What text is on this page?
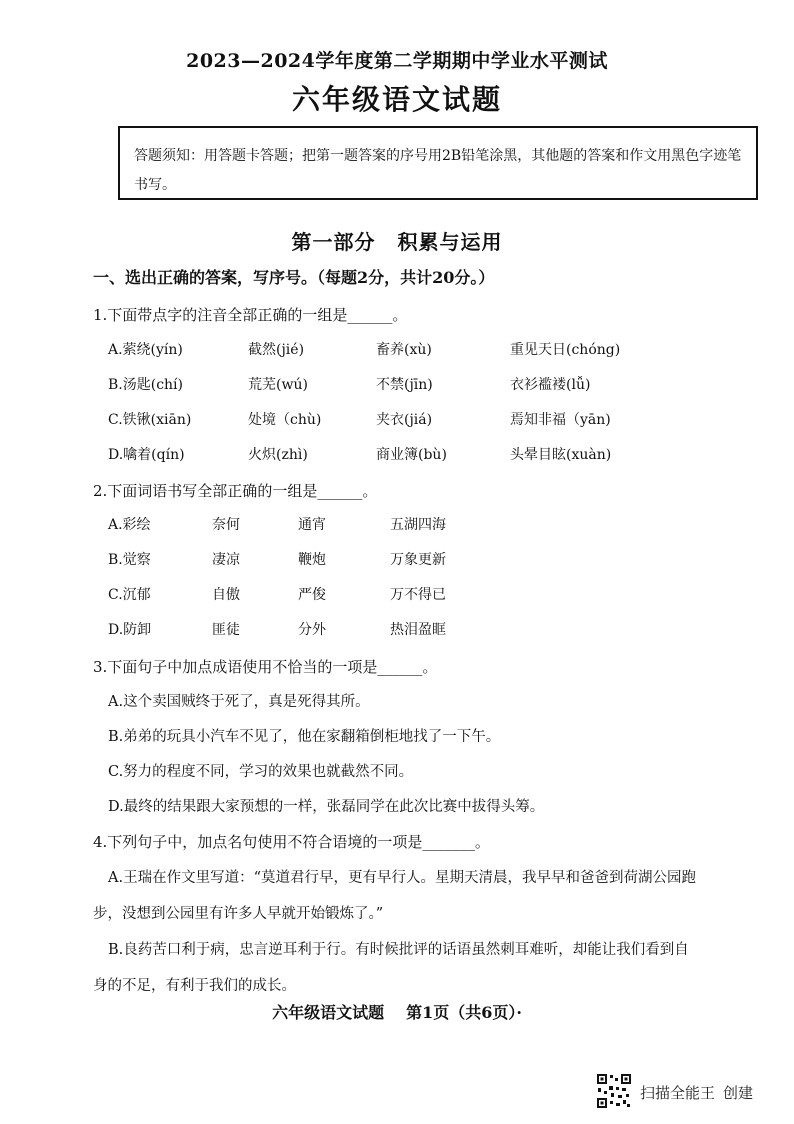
2023—2024学年度第二学期期中学业水平测试
六年级语文试题
答题须知：用答题卡答题；把第一题答案的序号用2B铅笔涂黑，其他题的答案和作文用黑色字迹笔书写。
第一部分 积累与运用
一、选出正确的答案，写序号。（每题2分，共计20分。）
1.下面带点字的注音全部正确的一组是______。
A.萦绕(yín)	截然(jié)	畜养(xù)	重见天日(chóng)
B.汤匙(chí)	荒芜(wú)	不禁(jīn)	衣衫褴褛(lǚ)
C.铁锹(xiān)	处境（chù)	夹衣(jiá)	焉知非福（yān)
D.噙着(qín)	火炽(zhì)	商业簿(bù)	头晕目眩(xuàn)
2.下面词语书写全部正确的一组是______。
A.彩绘	奈何	通宵	五湖四海
B.觉察	凄凉	鞭炮	万象更新
C.沉郁	自傲	严俊	万不得已
D.防卸	匪徒	分外	热泪盈眶
3.下面句子中加点成语使用不恰当的一项是______。
A.这个卖国贼终于死了，真是死得其所。
B.弟弟的玩具小汽车不见了，他在家翻箱倒柜地找了一下午。
C.努力的程度不同，学习的效果也就截然不同。
D.最终的结果跟大家预想的一样，张磊同学在此次比赛中拔得头筹。
4.下列句子中，加点名句使用不符合语境的一项是_______。
A.王瑞在作文里写道：“莫道君行早，更有早行人。星期天清晨，我早早和爸爸到荷湖公园跑
步，没想到公园里有许多人早就开始锻炼了。”
B.良药苦口利于病，忠言逆耳利于行。有时候批评的话语虽然刺耳难听，却能让我们看到自
身的不足，有利于我们的成长。
六年级语文试题 第1页（共6页）·
扫描全能王 创建
